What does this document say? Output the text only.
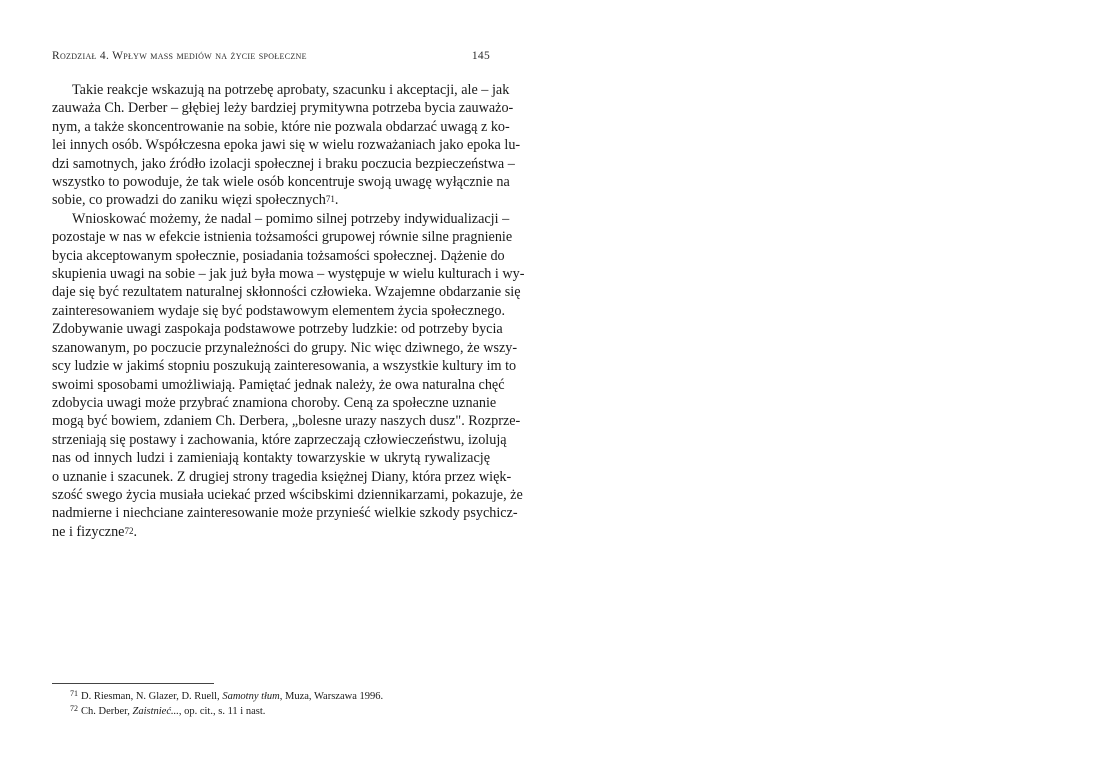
Rozdział 4. Wpływ mass mediów na życie społeczne	145

Takie reakcje wskazują na potrzebę aprobaty, szacunku i akceptacji, ale – jak
zauważa Ch. Derber – głębiej leży bardziej prymitywna potrzeba bycia zauważo-
nym, a także skoncentrowanie na sobie, które nie pozwala obdarzać uwagą z ko-
lei innych osób. Współczesna epoka jawi się w wielu rozważaniach jako epoka lu-
dzi samotnych, jako źródło izolacji społecznej i braku poczucia bezpieczeństwa –
wszystko to powoduje, że tak wiele osób koncentruje swoją uwagę wyłącznie na
sobie, co prowadzi do zaniku więzi społecznych$^{71}$.

Wnioskować możemy, że nadal – pomimo silnej potrzeby indywidualizacji –
pozostaje w nas w efekcie istnienia tożsamości grupowej równie silne pragnienie
bycia akceptowanym społecznie, posiadania tożsamości społecznej. Dążenie do
skupienia uwagi na sobie – jak już była mowa – występuje w wielu kulturach i wy-
daje się być rezultatem naturalnej skłonności człowieka. Wzajemne obdarzanie się
zainteresowaniem wydaje się być podstawowym elementem życia społecznego.
Zdobywanie uwagi zaspokaja podstawowe potrzeby ludzkie: od potrzeby bycia
szanowanym, po poczucie przynależności do grupy. Nic więc dziwnego, że wszy-
scy ludzie w jakimś stopniu poszukują zainteresowania, a wszystkie kultury im to
swoimi sposobami umożliwiają. Pamiętać jednak należy, że owa naturalna chęć
zdobycia uwagi może przybrać znamiona choroby. Ceną za społeczne uznanie
mogą być bowiem, zdaniem Ch. Derbera, „bolesne urazy naszych dusz". Rozprze-
strzeniają się postawy i zachowania, które zaprzeczają człowieczeństwu, izolują
nas od innych ludzi i zamieniają kontakty towarzyskie w ukrytą rywalizację
o uznanie i szacunek. Z drugiej strony tragedia księżnej Diany, która przez więk-
szość swego życia musiała uciekać przed wścibskimi dziennikarzami, pokazuje, że
nadmierne i niechciane zainteresowanie może przynieść wielkie szkody psychicz-
ne i fizyczne$^{72}$.

$^{71}$ D. Riesman, N. Glazer, D. Ruell, Samotny tłum, Muza, Warszawa 1996.
$^{72}$ Ch. Derber, Zaistnieć..., op. cit., s. 11 i nast.
